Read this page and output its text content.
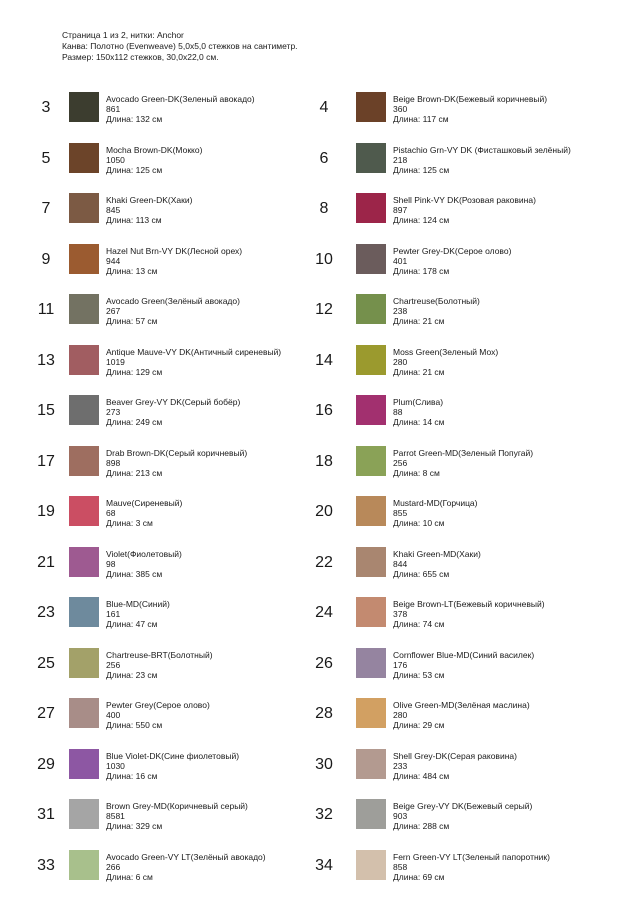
Страница 1 из 2, нитки: Anchor
Канва: Полотно (Evenweave) 5,0x5,0 стежков на сантиметр.
Размер: 150x112 стежков, 30,0x22,0 см.
3	Avocado Green-DK(Зеленый авокадо)
861
Длина: 132 см
4	Beige Brown-DK(Бежевый коричневый)
360
Длина: 117 см
5	Mocha Brown-DK(Мокко)
1050
Длина: 125 см
6	Pistachio Grn-VY DK (Фисташковый зелёный)
218
Длина: 125 см
7	Khaki Green-DK(Хаки)
845
Длина: 113 см
8	Shell Pink-VY DK(Розовая раковина)
897
Длина: 124 см
9	Hazel Nut Brn-VY DK(Лесной орех)
944
Длина: 13 см
10	Pewter Grey-DK(Серое олово)
401
Длина: 178 см
11	Avocado Green(Зелёный авокадо)
267
Длина: 57 см
12	Chartreuse(Болотный)
238
Длина: 21 см
13	Antique Mauve-VY DK(Античный сиреневый)
1019
Длина: 129 см
14	Moss Green(Зеленый Мох)
280
Длина: 21 см
15	Beaver Grey-VY DK(Серый бобёр)
273
Длина: 249 см
16	Plum(Слива)
88
Длина: 14 см
17	Drab Brown-DK(Серый коричневый)
898
Длина: 213 см
18	Parrot Green-MD(Зеленый Попугай)
256
Длина: 8 см
19	Mauve(Сиреневый)
68
Длина: 3 см
20	Mustard-MD(Горчица)
855
Длина: 10 см
21	Violet(Фиолетовый)
98
Длина: 385 см
22	Khaki Green-MD(Хаки)
844
Длина: 655 см
23	Blue-MD(Синий)
161
Длина: 47 см
24	Beige Brown-LT(Бежевый коричневый)
378
Длина: 74 см
25	Chartreuse-BRT(Болотный)
256
Длина: 23 см
26	Cornflower Blue-MD(Синий василек)
176
Длина: 53 см
27	Pewter Grey(Серое олово)
400
Длина: 550 см
28	Olive Green-MD(Зелёная маслина)
280
Длина: 29 см
29	Blue Violet-DK(Сине фиолетовый)
1030
Длина: 16 см
30	Shell Grey-DK(Серая раковина)
233
Длина: 484 см
31	Brown Grey-MD(Коричневый серый)
8581
Длина: 329 см
32	Beige Grey-VY DK(Бежевый серый)
903
Длина: 288 см
33	Avocado Green-VY LT(Зелёный авокадо)
266
Длина: 6 см
34	Fern Green-VY LT(Зеленый папоротник)
858
Длина: 69 см
